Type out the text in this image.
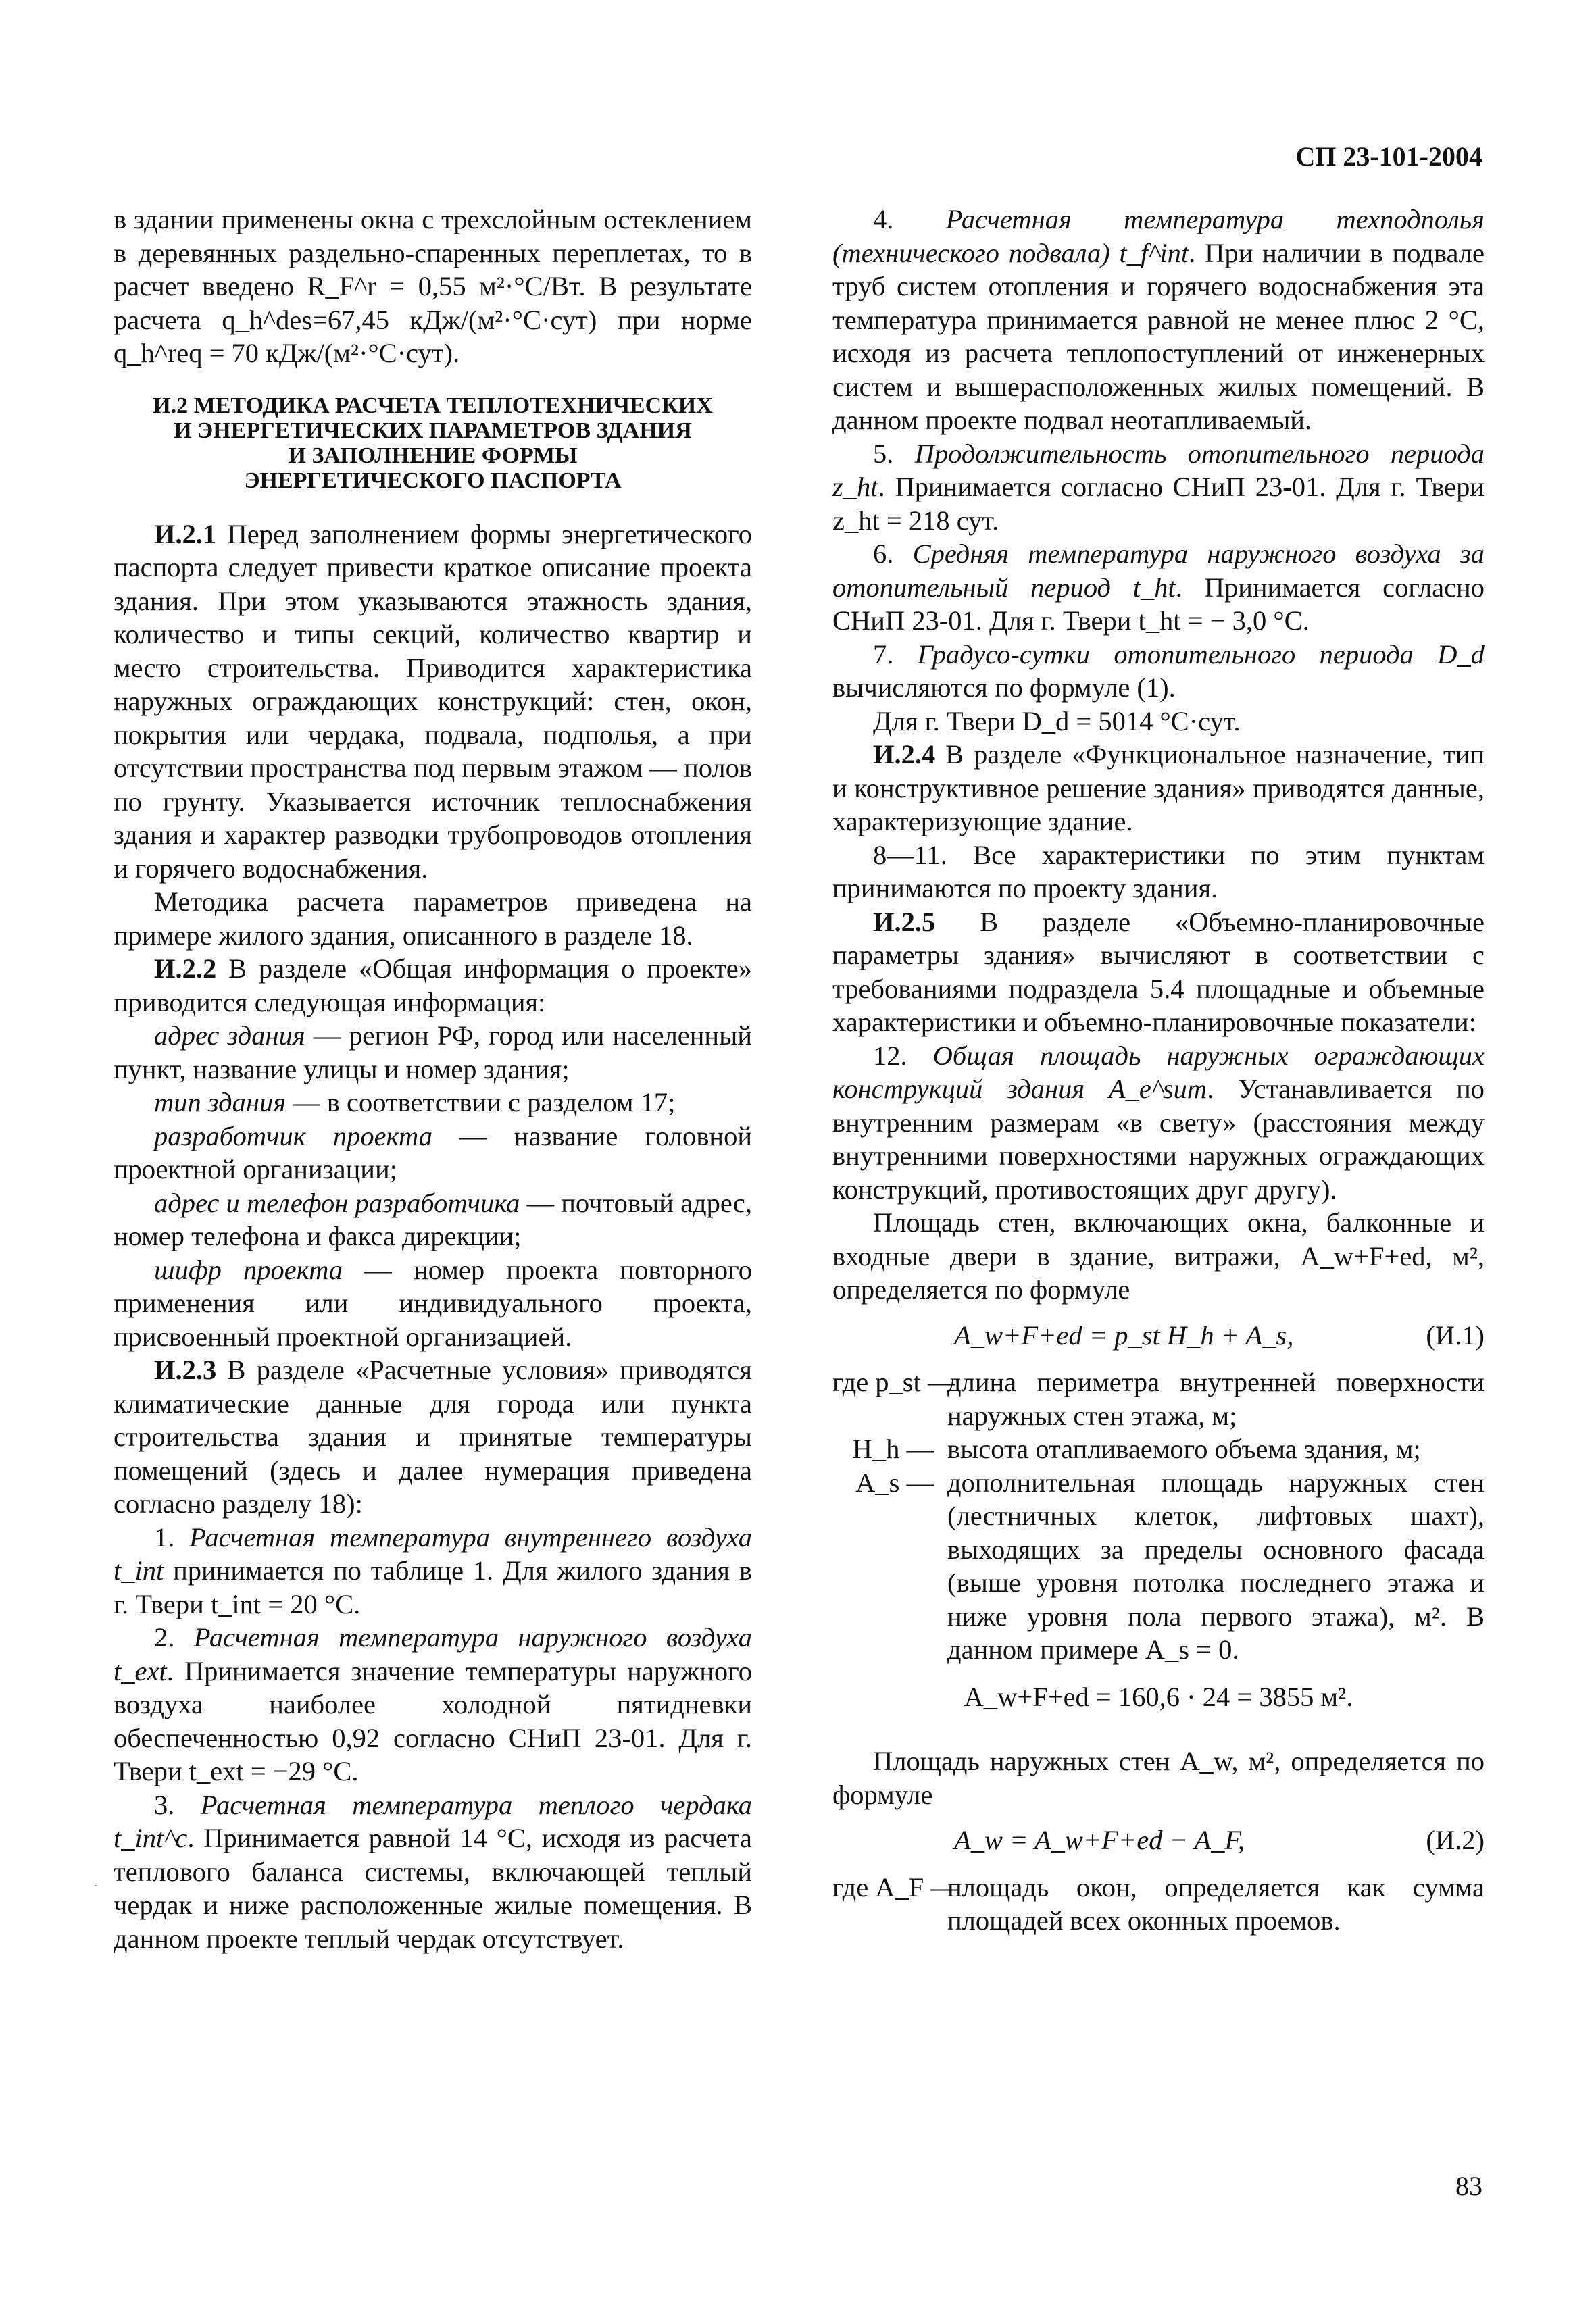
СП 23-101-2004

в здании применены окна с трехслойным остеклением в деревянных раздельно-спаренных переплетах, то в расчет введено R_F^r = 0,55 м²·°С/Вт. В результате расчета q_h^des=67,45 кДж/(м²·°С·сут) при норме q_h^req = 70 кДж/(м²·°С·сут).

И.2 МЕТОДИКА РАСЧЕТА ТЕПЛОТЕХНИЧЕСКИХ
И ЭНЕРГЕТИЧЕСКИХ ПАРАМЕТРОВ ЗДАНИЯ
И ЗАПОЛНЕНИЕ ФОРМЫ
ЭНЕРГЕТИЧЕСКОГО ПАСПОРТА

И.2.1 Перед заполнением формы энергетического паспорта следует привести краткое описание проекта здания. При этом указываются этажность здания, количество и типы секций, количество квартир и место строительства. Приводится характеристика наружных ограждающих конструкций: стен, окон, покрытия или чердака, подвала, подполья, а при отсутствии пространства под первым этажом — полов по грунту. Указывается источник теплоснабжения здания и характер разводки трубопроводов отопления и горячего водоснабжения.

Методика расчета параметров приведена на примере жилого здания, описанного в разделе 18.

И.2.2 В разделе «Общая информация о проекте» приводится следующая информация:

адрес здания — регион РФ, город или населенный пункт, название улицы и номер здания;

тип здания — в соответствии с разделом 17;

разработчик проекта — название головной проектной организации;

адрес и телефон разработчика — почтовый адрес, номер телефона и факса дирекции;

шифр проекта — номер проекта повторного применения или индивидуального проекта, присвоенный проектной организацией.

И.2.3 В разделе «Расчетные условия» приводятся климатические данные для города или пункта строительства здания и принятые температуры помещений (здесь и далее нумерация приведена согласно разделу 18):

1. Расчетная температура внутреннего воздуха t_int принимается по таблице 1. Для жилого здания в г. Твери t_int = 20 °С.

2. Расчетная температура наружного воздуха t_ext. Принимается значение температуры наружного воздуха наиболее холодной пятидневки обеспеченностью 0,92 согласно СНиП 23-01. Для г. Твери t_ext = −29 °С.

3. Расчетная температура теплого чердака t_int^c. Принимается равной 14 °С, исходя из расчета теплового баланса системы, включающей теплый чердак и ниже расположенные жилые помещения. В данном проекте теплый чердак отсутствует.

4. Расчетная температура техподполья (технического подвала) t_f^int. При наличии в подвале труб систем отопления и горячего водоснабжения эта температура принимается равной не менее плюс 2 °С, исходя из расчета теплопоступлений от инженерных систем и вышерасположенных жилых помещений. В данном проекте подвал неотапливаемый.

5. Продолжительность отопительного периода z_ht. Принимается согласно СНиП 23-01. Для г. Твери z_ht = 218 сут.

6. Средняя температура наружного воздуха за отопительный период t_ht. Принимается согласно СНиП 23-01. Для г. Твери t_ht = − 3,0 °С.

7. Градусо-сутки отопительного периода D_d вычисляются по формуле (1).

Для г. Твери D_d = 5014 °С·сут.

И.2.4 В разделе «Функциональное назначение, тип и конструктивное решение здания» приводятся данные, характеризующие здание.

8—11. Все характеристики по этим пунктам принимаются по проекту здания.

И.2.5 В разделе «Объемно-планировочные параметры здания» вычисляют в соответствии с требованиями подраздела 5.4 площадные и объемные характеристики и объемно-планировочные показатели:

12. Общая площадь наружных ограждающих конструкций здания A_e^sum. Устанавливается по внутренним размерам «в свету» (расстояния между внутренними поверхностями наружных ограждающих конструкций, противостоящих друг другу).

Площадь стен, включающих окна, балконные и входные двери в здание, витражи, A_w+F+ed, м², определяется по формуле

A_w+F+ed = p_st H_h + A_s,	(И.1)
где p_st —
длина периметра внутренней поверхности наружных стен этажа, м;
H_h — высота отапливаемого объема здания, м;
A_s — дополнительная площадь наружных стен (лестничных клеток, лифтовых шахт), выходящих за пределы основного фасада (выше уровня потолка последнего этажа и ниже уровня пола первого этажа), м². В данном примере A_s = 0.
A_w+F+ed = 160,6 · 24 = 3855 м².

Площадь наружных стен A_w, м², определяется по формуле

A_w = A_w+F+ed − A_F,	(И.2)
где A_F —
площадь окон, определяется как сумма площадей всех оконных проемов.
83
